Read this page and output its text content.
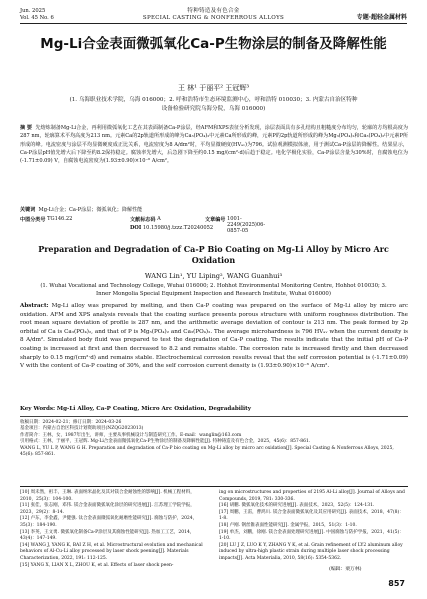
Jun. 2025
Vol. 45 No. 6
特种铸造及有色合金
SPECIAL CASTING & NONFERROUS ALLOYS	专题·超轻金属材料
Mg-Li合金表面微弧氧化Ca-P生物涂层的制备及降解性能
王 林¹ 于丽平² 王冠辉³
(1. 乌海职业技术学院，乌海 016000；2. 呼和浩特市生态环境监测中心，呼和浩特 010030；3. 内蒙古自治区特种
设备检验研究院乌海分院，乌海 016000)
摘 要 先熔炼制备Mg-Li合金，再利用微弧氧化工艺在其表面制备Ca-P涂层，经AFM和XPS表征分析发现，涂层表面具有多孔结构且粗糙度分布均匀，轮廓的方均根高度为287 nm，轮廓算术平均高度为213 nm。元素Ca的2p轨道所形成的峰为Ca₃(PO₄)₂中元素Ca所形成的峰，元素P的2p轨道所形成的峰为Mg₃(PO₄)₂和Ca₃(PO₄)₂中元素P所形成的峰。电流密度与涂层平均显微硬度成正比关系，电流密度为8 A/dm²时，平均显微硬度(HVₐᵥ)为796。试验观测模拟体液，用于测试Ca-P涂层的降解性。结果显示，Ca-P涂层pH值先增大后下降至约8.2保持稳定。腐蚀率先增大，后急剧下降至约0.15 mg/(cm²·d)后趋于稳定。电化学极化实验，Ca-P涂层含量为30%时，自腐蚀电位为(-1.71±0.09) V，自腐蚀电流密度为(1.93±0.90)×10⁻⁶ A/cm²。
关键词 Mg-Li合金；Ca-P涂层；微弧氧化；降解性能
中图分类号 TG146.22	文献标志码 A	文章编号 1001-2249(2025)06-0857-05
DOI 10.15980/j.tzzz.T20240052
Preparation and Degradation of Ca-P Bio Coating on Mg-Li Alloy by Micro Arc Oxidation
WANG Lin¹, YU Liping², WANG Guanhui³
(1. Wuhai Vocational and Technology College, Wuhai 016000; 2. Hohhot Environmental Monitoring Centre, Hohhot 010030; 3. Inner Mongolia Special Equipment Inspection and Research Institute, Wuhai 016000)
Abstract: Mg-Li alloy was prepared by melting, and then Ca-P coating was prepared on the surface of Mg-Li alloy by micro arc oxidation. AFM and XPS analysis reveals that the coating surface presents porous structure with uniform roughness distribution. The root mean square deviation of profile is 287 nm, and the arithmetic average deviation of contour is 213 nm. The peak formed by 2p orbital of Ca is Ca₃(PO₄)₂, and that of P is Mg₃(PO₄)₂ and Ca₃(PO₄)₂. The average microhardness is 796 HVₐᵥ when the current density is 8 A/dm². Simulated body fluid was prepared to test the degradation of Ca-P coating. The results indicate that the initial pH of Ca-P coating is increased at first and then decreased to 8.2 and remains stable. The corrosion rate is increased firstly and then decreased sharply to 0.15 mg/(cm²·d) and remains stable. Electrochemical corrosion results reveal that the self corrosion potential is (-1.71±0.09) V with the content of Ca-P coating of 30%, and the self corrosion current density is (1.93±0.90)×10⁻⁶ A/cm².
Key Words: Mg-Li Alloy, Ca-P Coating, Micro Arc Oxidation, Degradability
收稿日期：2024-02-21；修订日期：2024-03-26
基金项目：内蒙古自治区科技计划资助项目(NZQG2023013)
作者简介：王林，女，1987年出生，讲师，主要从事机械设计与制造研究工作。E-mail：wanglin@163.com
引用格式：王林，于丽平，王冠辉. Mg-Li合金表面微弧氧化Ca-P生物涂层的制备及降解性能[J]. 特种铸造及有色合金，2025，45(6)：857-861.
WANG L, YU L P, WANG G H. Preparation and degradation of Ca-P bio coating on Mg-Li alloy by micro arc oxidation[J]. Special Casting & Nonferrous Alloys, 2025, 45(6): 857-861.
[10] 周未然，祖丰，王琳. 表面纳米晶化及其对镁合金耐蚀性的影响[J]. 机械工程材料，2010，25(3)：104-100.
[11] 张佳，张志刚，邓伟. 镁合金表面微弧氧化涂层的研究进展[J]. 江苏理工学院学报，2023，29(2)：8-14.
[12] 卢东，李金鑫，尹健强. 钛合金表面微弧氧化耐磨性能研究[J]. 腐蚀与防护，2024，35(3)：184-190.
[13] 李英，王文勇. 微弧氧化制备Ca-P涂层及其腐蚀性能研究[J]. 热加工工艺，2014，43(4)：147-149.
[14] WANG J, YANG K, BAI Z H, et al. Microstructural evolution and mechanical behaviors of Al-Cu-Li alloy processed by laser shock peening[J]. Materials Characterization, 2022, 191: 112-125.
[15] YANG X, LIAN X L, ZHOU K, et al. Effects of laser shock peen-
ing on microstructures and properties of 2195 Al-Li alloy[J]. Journal of Alloys and Compounds, 2019, 781: 330-336.
[16] 胡鹏. 微弧氧化技术的研究进展[J]. 表面技术，2023，52(5)：124-131.
[17] 周鹏，王雷，曹鸿川. 镁合金表面微弧氧化及其应用研究[J]. 表面技术，2018，47(8)：1-8.
[18] 卢刚. 钢丝锥表面性能研究[J]. 金属学报，2015，51(3)：1-10.
[19] 单杰，刘鹏，徐刚. 镁合金表面处理研究进展[J]. 中国腐蚀与防护学报，2021，41(5)：1-10.
[20] LU J Z, LUO K Y, ZHANG Y K, et al. Grain refinement of LY2 aluminum alloy induced by ultra-high plastic strain during multiple laser shock processing impacts[J]. Acta Materialia, 2010, 58(16): 5354-5362.
(编辑：栗万林)
857
